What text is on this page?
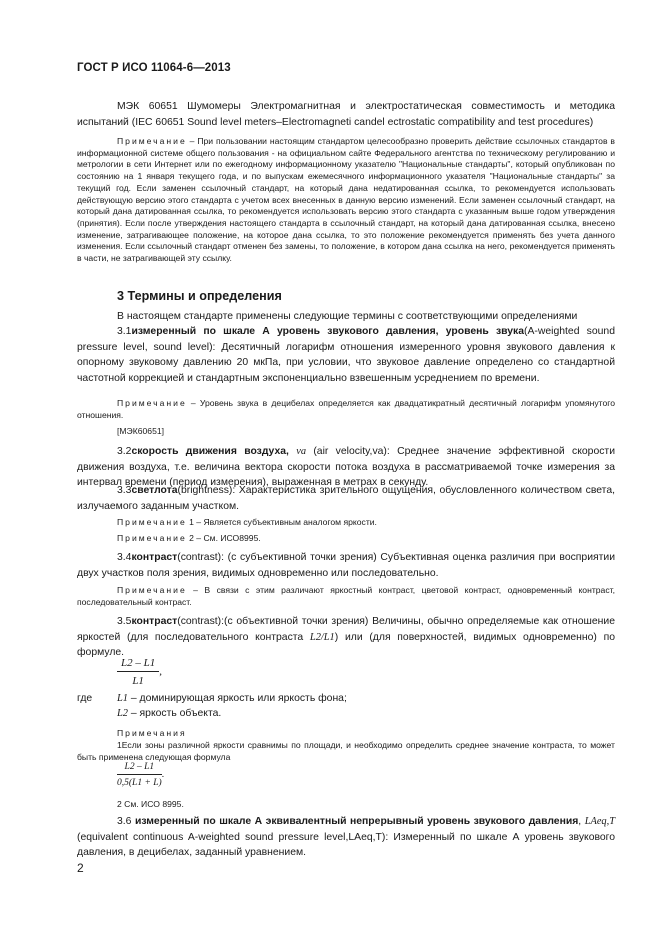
ГОСТ Р ИСО 11064-6—2013
МЭК 60651 Шумомеры Электромагнитная и электростатическая совместимость и методика испытаний (IEC 60651 Sound level meters–Electromagneti candel ectrostatic compatibility and test procedures)
Примечание – При пользовании настоящим стандартом целесообразно проверить действие ссылочных стандартов в информационной системе общего пользования - на официальном сайте Федерального агентства по техническому регулированию и метрологии в сети Интернет или по ежегодному информационному указателю "Национальные стандарты", который опубликован по состоянию на 1 января текущего года, и по выпускам ежемесячного информационного указателя "Национальные стандарты" за текущий год. Если заменен ссылочный стандарт, на который дана недатированная ссылка, то рекомендуется использовать действующую версию этого стандарта с учетом всех внесенных в данную версию изменений. Если заменен ссылочный стандарт, на который дана датированная ссылка, то рекомендуется использовать версию этого стандарта с указанным выше годом утверждения (принятия). Если после утверждения настоящего стандарта в ссылочный стандарт, на который дана датированная ссылка, внесено изменение, затрагивающее положение, на которое дана ссылка, то это положение рекомендуется применять без учета данного изменения. Если ссылочный стандарт отменен без замены, то положение, в котором дана ссылка на него, рекомендуется применять в части, не затрагивающей эту ссылку.
3 Термины и определения
В настоящем стандарте применены следующие термины с соответствующими определениями
3.1измеренный по шкале А уровень звукового давления, уровень звука(A-weighted sound pressure level, sound level): Десятичный логарифм отношения измеренного уровня звукового давления к опорному звуковому давлению 20 мкПа, при условии, что звуковое давление определено со стандартной частотной коррекцией и стандартным экспоненциально взвешенным усреднением по времени.
Примечание – Уровень звука в децибелах определяется как двадцатикратный десятичный логарифм упомянутого отношения.
[МЭК60651]
3.2скорость движения воздуха, vа (air velocity,vа): Среднее значение эффективной скорости движения воздуха, т.е. величина вектора скорости потока воздуха в рассматриваемой точке измерения за интервал времени (период измерения), выраженная в метрах в секунду.
3.3светлота(brightness): Характеристика зрительного ощущения, обусловленного количеством света, излучаемого заданным участком.
Примечание 1 – Является субъективным аналогом яркости.
Примечание 2 – См. ИСО8995.
3.4контраст(contrast): (с субъективной точки зрения) Субъективная оценка различия при восприятии двух участков поля зрения, видимых одновременно или последовательно.
Примечание – В связи с этим различают яркостный контраст, цветовой контраст, одновременный контраст, последовательный контраст.
3.5контраст(contrast):(с объективной точки зрения) Величины, обычно определяемые как отношение яркостей (для последовательного контраста L2/L1) или (для поверхностей, видимых одновременно) по формуле.
$\frac{L2 - L1}{L1}$ ,
где L1 – доминирующая яркость или яркость фона;
L2 – яркость объекта.
Примечания
1Если зоны различной яркости сравнимы по площади, и необходимо определить среднее значение контраста, то может быть применена следующая формула
$\frac{L2 - L1}{0,5(L1 + L)}$ .
2 См. ИСО 8995.
3.6 измеренный по шкале А эквивалентный непрерывный уровень звукового давления, LAeq,T (equivalent continuous A-weighted sound pressure level,LAeq,T): Измеренный по шкале А уровень звукового давления, в децибелах, заданный уравнением.
2
